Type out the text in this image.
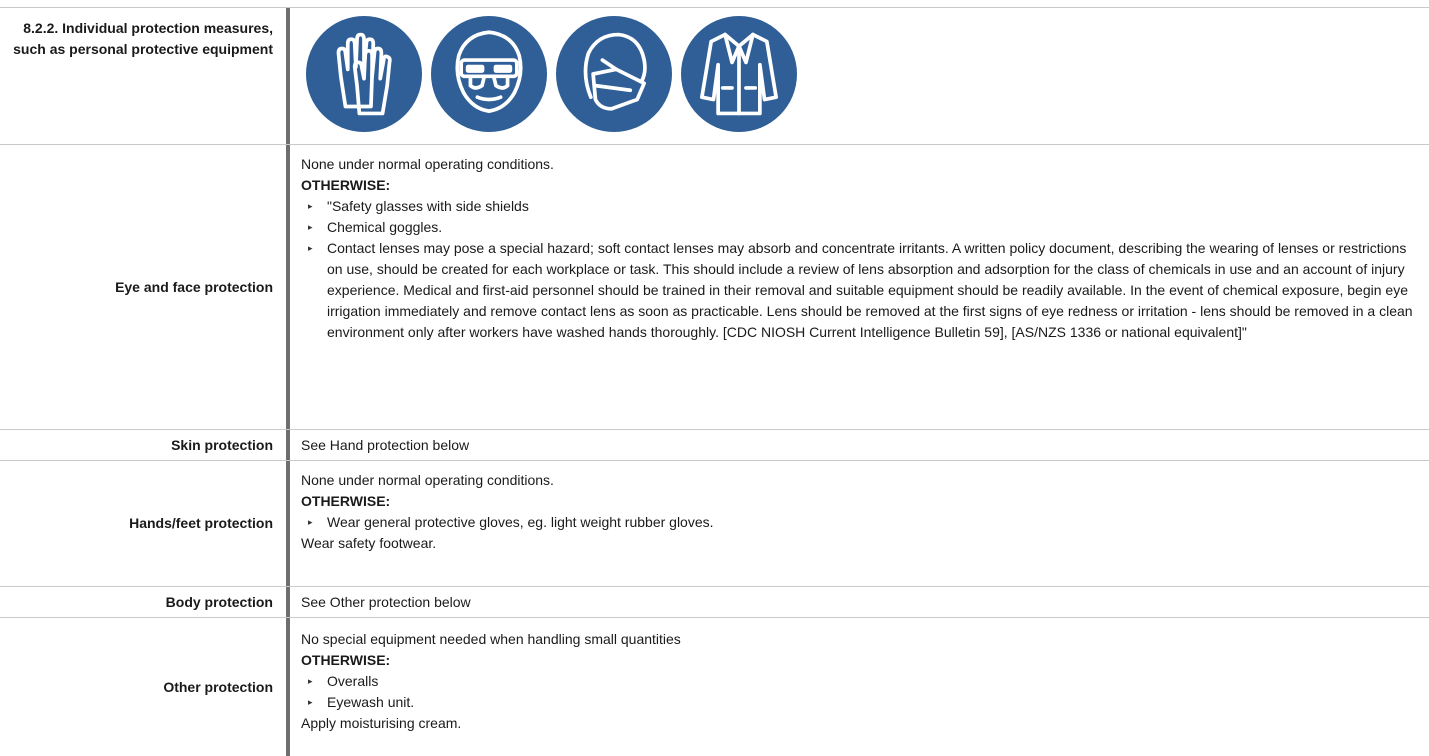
8.2.2. Individual protection measures, such as personal protective equipment
Eye and face protection

None under normal operating conditions.

OTHERWISE:

▸ "Safety glasses with side shields
▸ Chemical goggles.
▸ Contact lenses may pose a special hazard; soft contact lenses may absorb and concentrate irritants. A written policy document, describing the wearing of lenses or restrictions on use, should be created for each workplace or task. This should include a review of lens absorption and adsorption for the class of chemicals in use and an account of injury experience. Medical and first-aid personnel should be trained in their removal and suitable equipment should be readily available. In the event of chemical exposure, begin eye irrigation immediately and remove contact lens as soon as practicable. Lens should be removed at the first signs of eye redness or irritation - lens should be removed in a clean environment only after workers have washed hands thoroughly. [CDC NIOSH Current Intelligence Bulletin 59], [AS/NZS 1336 or national equivalent]"
Skin protection	See Hand protection below
Hands/feet protection

None under normal operating conditions.

OTHERWISE:

▸ Wear general protective gloves, eg. light weight rubber gloves.

Wear safety footwear.

Body protection	See Other protection below
Other protection

No special equipment needed when handling small quantities

OTHERWISE:

▸ Overalls
▸ Eyewash unit.

Apply moisturising cream.
